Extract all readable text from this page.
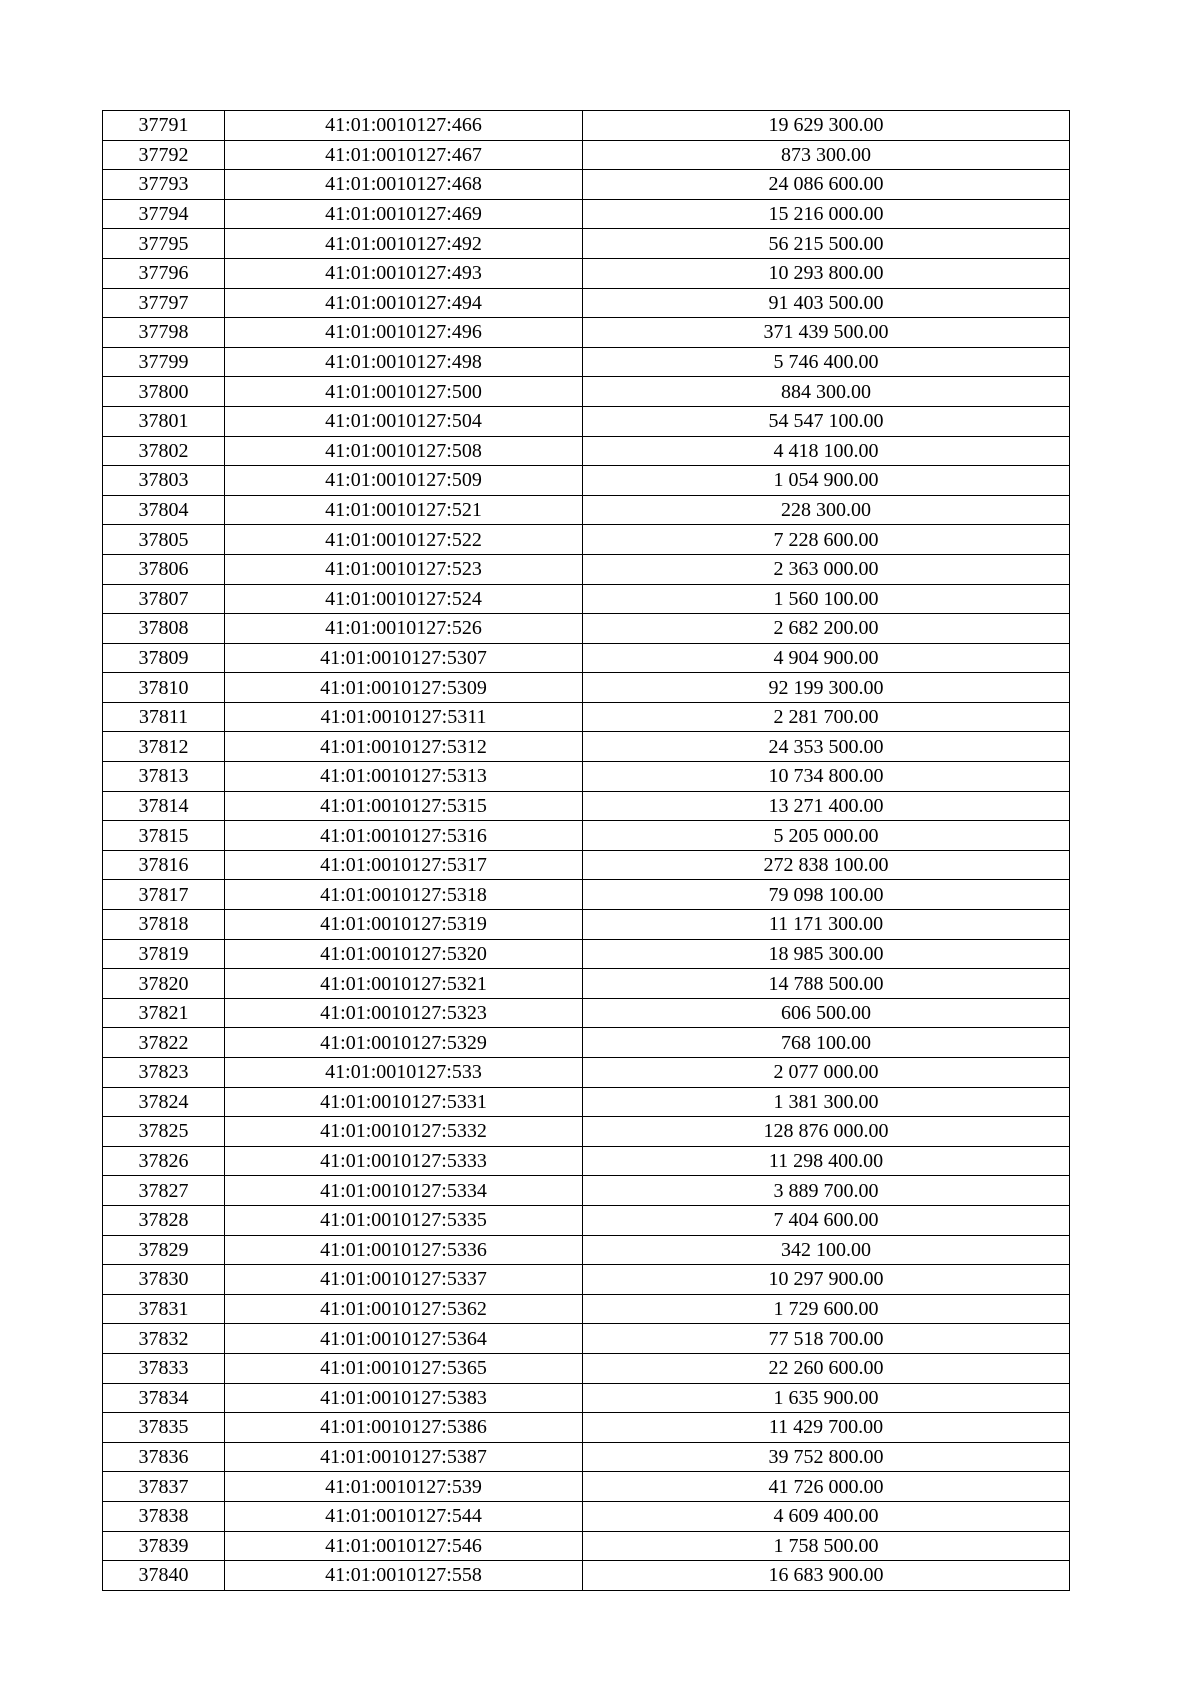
37791	41:01:0010127:466	19 629 300.00
37792	41:01:0010127:467	873 300.00
37793	41:01:0010127:468	24 086 600.00
37794	41:01:0010127:469	15 216 000.00
37795	41:01:0010127:492	56 215 500.00
37796	41:01:0010127:493	10 293 800.00
37797	41:01:0010127:494	91 403 500.00
37798	41:01:0010127:496	371 439 500.00
37799	41:01:0010127:498	5 746 400.00
37800	41:01:0010127:500	884 300.00
37801	41:01:0010127:504	54 547 100.00
37802	41:01:0010127:508	4 418 100.00
37803	41:01:0010127:509	1 054 900.00
37804	41:01:0010127:521	228 300.00
37805	41:01:0010127:522	7 228 600.00
37806	41:01:0010127:523	2 363 000.00
37807	41:01:0010127:524	1 560 100.00
37808	41:01:0010127:526	2 682 200.00
37809	41:01:0010127:5307	4 904 900.00
37810	41:01:0010127:5309	92 199 300.00
37811	41:01:0010127:5311	2 281 700.00
37812	41:01:0010127:5312	24 353 500.00
37813	41:01:0010127:5313	10 734 800.00
37814	41:01:0010127:5315	13 271 400.00
37815	41:01:0010127:5316	5 205 000.00
37816	41:01:0010127:5317	272 838 100.00
37817	41:01:0010127:5318	79 098 100.00
37818	41:01:0010127:5319	11 171 300.00
37819	41:01:0010127:5320	18 985 300.00
37820	41:01:0010127:5321	14 788 500.00
37821	41:01:0010127:5323	606 500.00
37822	41:01:0010127:5329	768 100.00
37823	41:01:0010127:533	2 077 000.00
37824	41:01:0010127:5331	1 381 300.00
37825	41:01:0010127:5332	128 876 000.00
37826	41:01:0010127:5333	11 298 400.00
37827	41:01:0010127:5334	3 889 700.00
37828	41:01:0010127:5335	7 404 600.00
37829	41:01:0010127:5336	342 100.00
37830	41:01:0010127:5337	10 297 900.00
37831	41:01:0010127:5362	1 729 600.00
37832	41:01:0010127:5364	77 518 700.00
37833	41:01:0010127:5365	22 260 600.00
37834	41:01:0010127:5383	1 635 900.00
37835	41:01:0010127:5386	11 429 700.00
37836	41:01:0010127:5387	39 752 800.00
37837	41:01:0010127:539	41 726 000.00
37838	41:01:0010127:544	4 609 400.00
37839	41:01:0010127:546	1 758 500.00
37840	41:01:0010127:558	16 683 900.00
